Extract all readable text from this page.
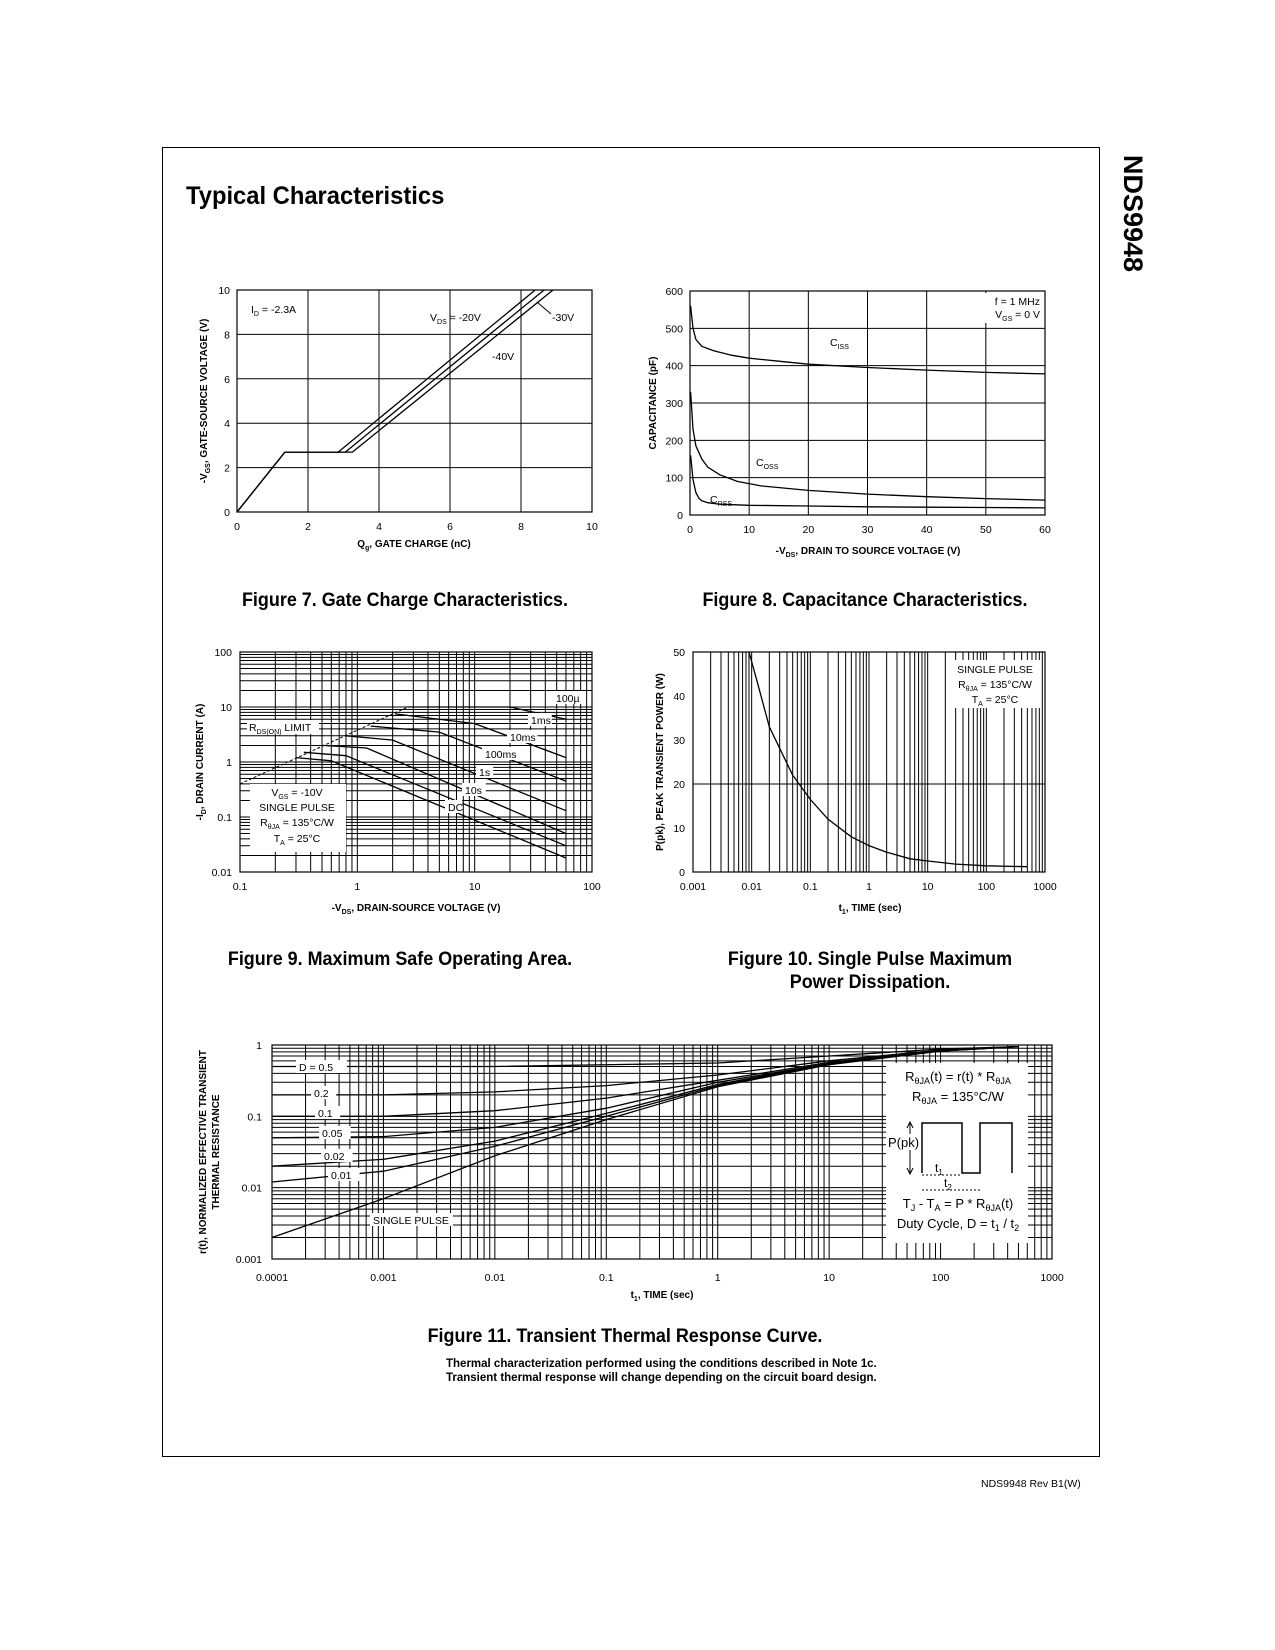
Typical Characteristics	NDS9948
Figure 7. Gate Charge Characteristics.	Figure 8. Capacitance Characteristics.
Figure 9. Maximum Safe Operating Area.	Figure 10. Single Pulse Maximum
Power Dissipation.
Figure 11. Transient Thermal Response Curve.
Thermal characterization performed using the conditions described in Note 1c.
Transient thermal response will change depending on the circuit board design.
NDS9948 Rev B1(W)
0	2	4	6	8	10
0
2
4
6
8
10
$I_D = -2.3A$
$V_{DS} = -20V$	-30V
-40V
$-V_{GS}$, GATE-SOURCE VOLTAGE (V)
$Q_g$, GATE CHARGE (nC)
0	10	20	30	40	50	60
0
100
200
300
400
500
600
f = 1 MHz
$V_{GS} = 0$ V
$C_{ISS}$
$C_{OSS}$
$C_{RSS}$
CAPACITANCE (pF)
$-V_{DS}$, DRAIN TO SOURCE VOLTAGE (V)
0.1	1	10	100
0.01
0.1
1
10
100
$R_{DS(ON)}$ LIMIT
$V_{GS} = -10V$
SINGLE PULSE
$R_{\theta JA} = 135^\circ C/W$
$T_A = 25^\circ C$
100µ
1ms
10ms
100ms
1s
10s
DC
$-I_D$, DRAIN CURRENT (A)
$-V_{DS}$, DRAIN-SOURCE VOLTAGE (V)
0.001	0.01	0.1	1	10	100	1000
0
10
20
30
40
50
SINGLE PULSE
$R_{\theta JA} = 135^\circ C/W$
$T_A = 25^\circ C$
P(pk), PEAK TRANSIENT POWER (W)
$t_1$, TIME (sec)
0.0001	0.001	0.01	0.1	1	10	100	1000
0.001
0.01
0.1
1
D = 0.5
0.2
0.1
0.05
0.02
0.01
SINGLE PULSE
$R_{\theta JA}(t) = r(t) * R_{\theta JA}$
$R_{\theta JA} = 135^\circ C/W$
P(pk)
$t_1$
$t_2$
$T_J - T_A = P * R_{\theta JA}(t)$
Duty Cycle, $D = t_1 / t_2$
r(t), NORMALIZED EFFECTIVE TRANSIENT THERMAL RESISTANCE
$t_1$, TIME (sec)
